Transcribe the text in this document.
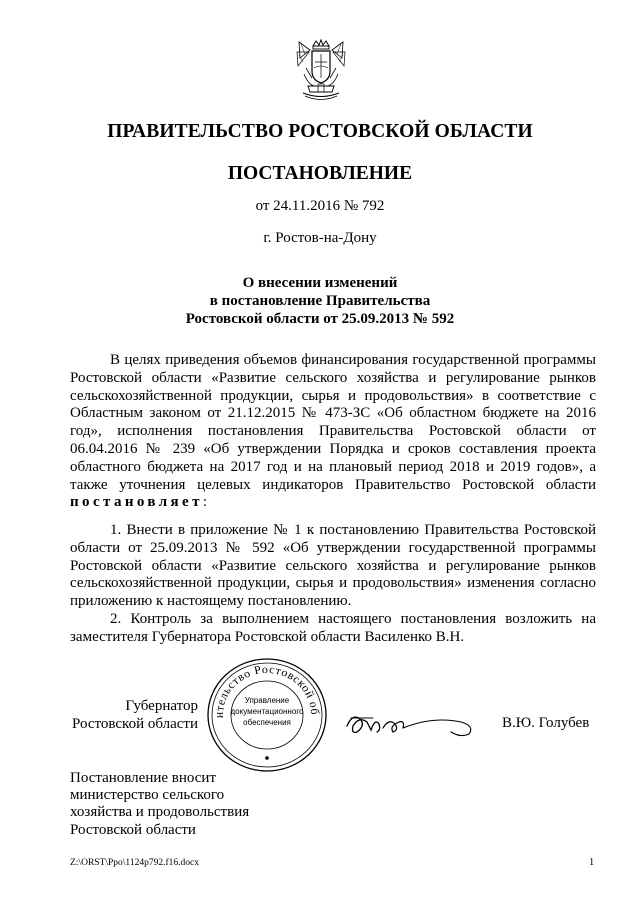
ПРАВИТЕЛЬСТВО РОСТОВСКОЙ ОБЛАСТИ
ПОСТАНОВЛЕНИЕ
от 24.11.2016 № 792
г. Ростов-на-Дону
О внесении изменений
в постановление Правительства
Ростовской области от 25.09.2013 № 592

В целях приведения объемов финансирования государственной программы Ростовской области «Развитие сельского хозяйства и регулирование рынков сельскохозяйственной продукции, сырья и продовольствия» в соответствие с Областным законом от 21.12.2015 № 473-ЗС «Об областном бюджете на 2016 год», исполнения постановления Правительства Ростовской области от 06.04.2016 № 239 «Об утверждении Порядка и сроков составления проекта областного бюджета на 2017 год и на плановый период 2018 и 2019 годов», а также уточнения целевых индикаторов Правительство Ростовской области постановляет:

1. Внести в приложение № 1 к постановлению Правительства Ростовской области от 25.09.2013 № 592 «Об утверждении государственной программы Ростовской области «Развитие сельского хозяйства и регулирование рынков сельскохозяйственной продукции, сырья и продовольствия» изменения согласно приложению к настоящему постановлению.

2. Контроль за выполнением настоящего постановления возложить на заместителя Губернатора Ростовской области Василенко В.Н.

Губернатор
Ростовской области
ительство Ростовской об
Управление
документационного
обеспечения	В.Ю. Голубев
Постановление вносит
министерство сельского
хозяйства и продовольствия
Ростовской области
Z:\ORST\Ppo\1124p792.f16.docx	1
